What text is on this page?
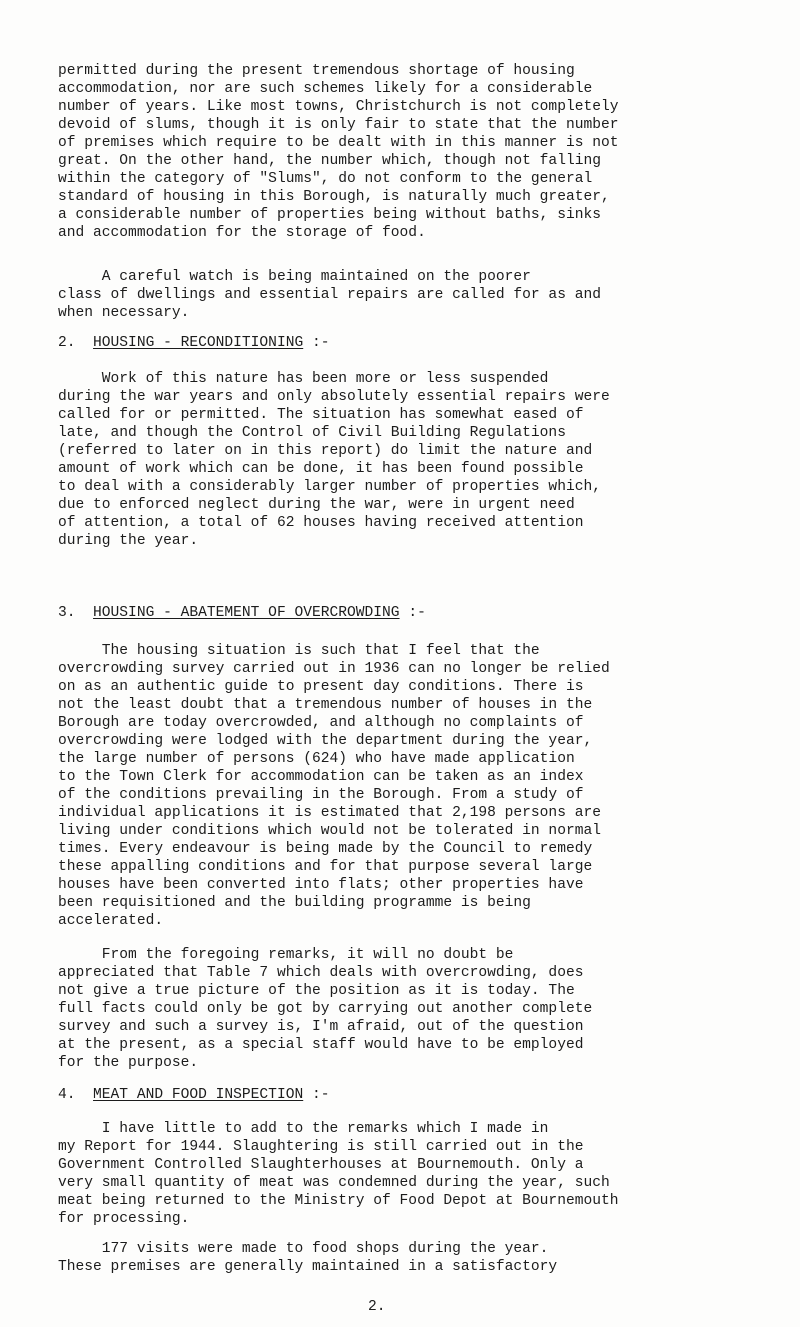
permitted during the present tremendous shortage of housing
accommodation, nor are such schemes likely for a considerable
number of years. Like most towns, Christchurch is not completely
devoid of slums, though it is only fair to state that the number
of premises which require to be dealt with in this manner is not
great. On the other hand, the number which, though not falling
within the category of "Slums", do not conform to the general
standard of housing in this Borough, is naturally much greater,
a considerable number of properties being without baths, sinks
and accommodation for the storage of food.
A careful watch is being maintained on the poorer
class of dwellings and essential repairs are called for as and
when necessary.
2. HOUSING - RECONDITIONING :-
Work of this nature has been more or less suspended
during the war years and only absolutely essential repairs were
called for or permitted. The situation has somewhat eased of
late, and though the Control of Civil Building Regulations
(referred to later on in this report) do limit the nature and
amount of work which can be done, it has been found possible
to deal with a considerably larger number of properties which,
due to enforced neglect during the war, were in urgent need
of attention, a total of 62 houses having received attention
during the year.
3. HOUSING - ABATEMENT OF OVERCROWDING :-
The housing situation is such that I feel that the
overcrowding survey carried out in 1936 can no longer be relied
on as an authentic guide to present day conditions. There is
not the least doubt that a tremendous number of houses in the
Borough are today overcrowded, and although no complaints of
overcrowding were lodged with the department during the year,
the large number of persons (624) who have made application
to the Town Clerk for accommodation can be taken as an index
of the conditions prevailing in the Borough. From a study of
individual applications it is estimated that 2,198 persons are
living under conditions which would not be tolerated in normal
times. Every endeavour is being made by the Council to remedy
these appalling conditions and for that purpose several large
houses have been converted into flats; other properties have
been requisitioned and the building programme is being
accelerated.
From the foregoing remarks, it will no doubt be
appreciated that Table 7 which deals with overcrowding, does
not give a true picture of the position as it is today. The
full facts could only be got by carrying out another complete
survey and such a survey is, I'm afraid, out of the question
at the present, as a special staff would have to be employed
for the purpose.
4. MEAT AND FOOD INSPECTION :-
I have little to add to the remarks which I made in
my Report for 1944. Slaughtering is still carried out in the
Government Controlled Slaughterhouses at Bournemouth. Only a
very small quantity of meat was condemned during the year, such
meat being returned to the Ministry of Food Depot at Bournemouth
for processing.
177 visits were made to food shops during the year.
These premises are generally maintained in a satisfactory
2.
